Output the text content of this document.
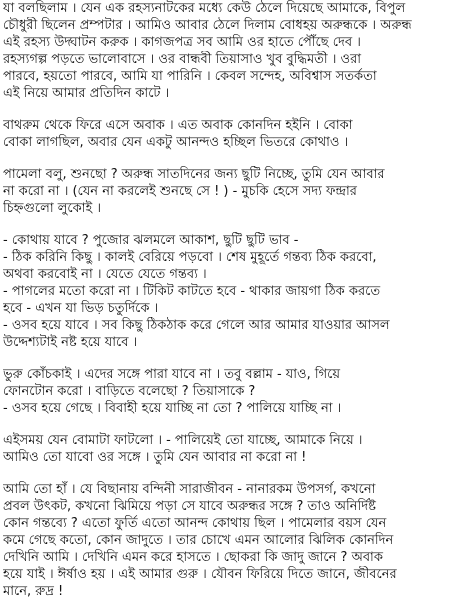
যা বলছিলাম । যেন এক রহস্যনাটকের মধ্যে কেউ ঠেলে দিয়েছে আমাকে, বিপুল
চৌধুরী ছিলেন প্রম্পটার । আমিও আবার ঠেলে দিলাম বোধহয় অরুন্ধকে । অরুন্ধ
এই রহস্য উদ্ঘাটন করুক । কাগজপত্র সব আমি ওর হাতে পৌঁছে দেব ।
রহস্যগল্প পড়তে ভালোবাসে । ওর বান্ধবী তিয়াসাও খুব বুদ্ধিমতী । ওরা
পারবে, হয়তো পারবে, আমি যা পারিনি । কেবল সন্দেহ, অবিশ্বাস সতর্কতা
এই নিয়ে আমার প্রতিদিন কাটে ।
বাথরুম থেকে ফিরে এসে অবাক । এত অবাক কোনদিন হইনি । বোকা
বোকা লাগছিল, অবার যেন একটু আনন্দও হচ্ছিল ভিতরে কোথাও ।
পামেলা বলু, শুনছো ? অরুন্ধ সাতদিনের জন্য ছুটি নিচ্ছে, তুমি যেন আবার
না করো না । (যেন না করলেই শুনছে সে ! ) - মুচকি হেসে সদ্য ফন্দ্রার
চিহ্নগুলো লুকোই ।
- কোথায় যাবে ? পুজোর ঝলমলে আকাশ, ছুটি ছুটি ভাব -
- ঠিক করিনি কিছু । কালই বেরিয়ে পড়বো । শেষ মুহূর্তে গন্তব্য ঠিক করবো,
অথবা করবোই না । যেতে যেতে গন্তব্য ।
- পাগলের মতো করো না । টিকিট কাটতে হবে - থাকার জায়গা ঠিক করতে
হবে - এখন যা ভিড় চতুর্দিকে ।
- ওসব হয়ে যাবে । সব কিছু ঠিকঠাক করে গেলে আর আমার যাওয়ার আসল
উদ্দেশ্যটাই নষ্ট হয়ে যাবে ।
ভুরু কোঁচকাই । এদের সঙ্গে পারা যাবে না । তবু বল্লাম - যাও, গিয়ে
ফোনটোন করো । বাড়িতে বলেছো ? তিয়াসাকে ?
- ওসব হয়ে গেছে । বিবাহী হয়ে যাচ্ছি না তো ? পালিয়ে যাচ্ছি না ।
এইসময় যেন বোমাটা ফাটলো । - পালিয়েই তো যাচ্ছে, আমাকে নিয়ে ।
আমিও তো যাবো ওর সঙ্গে । তুমি যেন আবার না করো না !
আমি তো হাঁ । যে বিছানায় বন্দিনী সারাজীবন - নানারকম উপসর্গ, কখনো
প্রবল উৎকট, কখনো ঝিমিয়ে পড়া সে যাবে অরুন্ধর সঙ্গে ? তাও অনির্দিষ্ট
কোন গন্তব্যে ? এতো ফুর্তি এতো আনন্দ কোথায় ছিল । পামেলার বয়স যেন
কমে গেছে কতো, কোন জাদুতে । তার চোখে এমন আলোর ঝিলিক কোনদিন
দেখিনি আমি । দেখিনি এমন করে হাসতে । ছোকরা কি জাদু জানে ? অবাক
হয়ে যাই । ঈর্ষাও হয় । এই আমার গুরু । যৌবন ফিরিয়ে দিতে জানে, জীবনের
মানে, রুদ্র !
